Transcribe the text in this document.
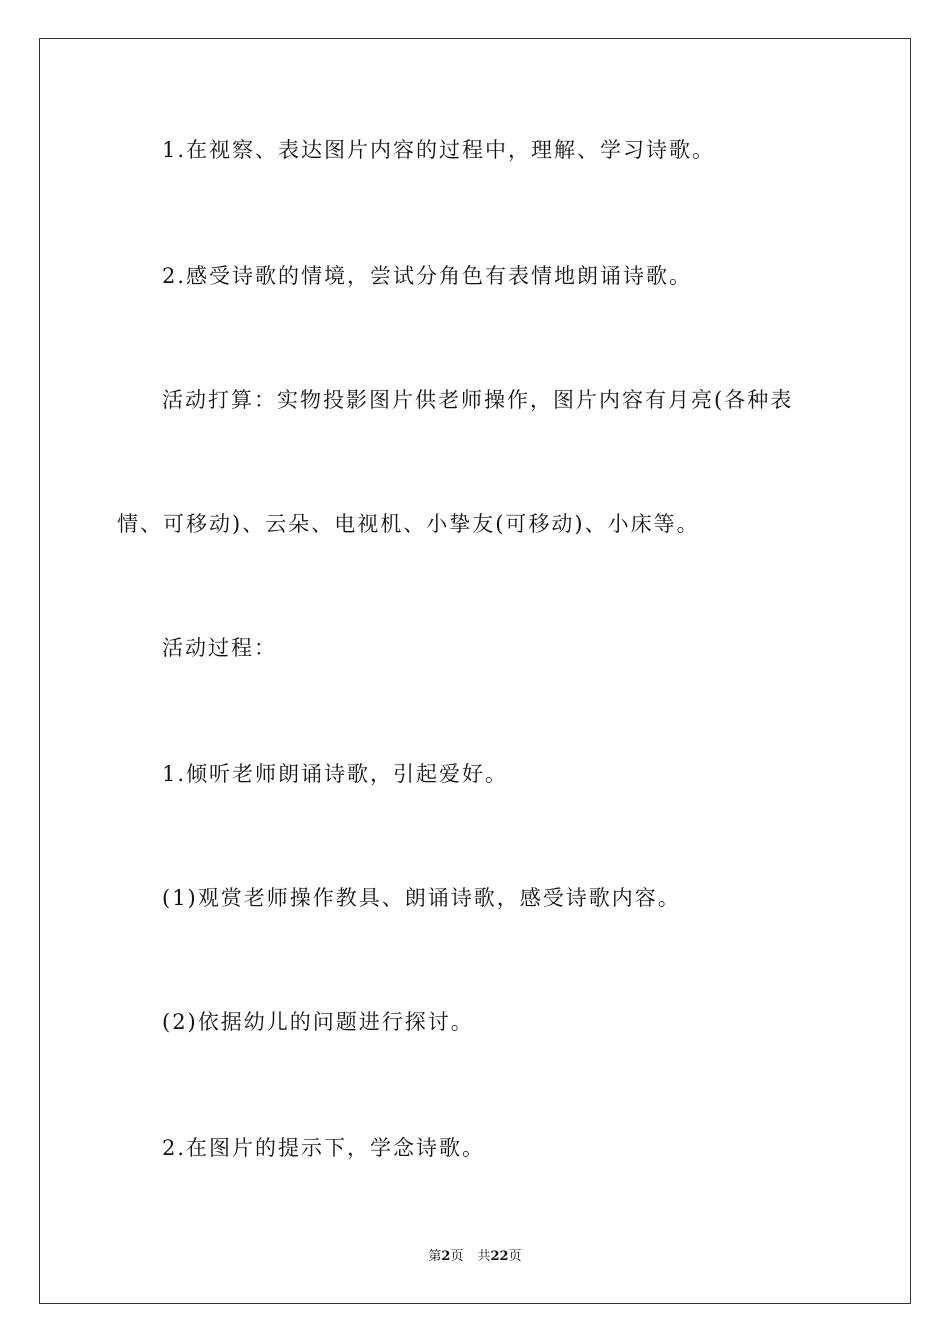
1.在视察、表达图片内容的过程中，理解、学习诗歌。

2.感受诗歌的情境，尝试分角色有表情地朗诵诗歌。

活动打算：实物投影图片供老师操作，图片内容有月亮(各种表

情、可移动)、云朵、电视机、小挚友(可移动)、小床等。

活动过程：

1.倾听老师朗诵诗歌，引起爱好。

(1)观赏老师操作教具、朗诵诗歌，感受诗歌内容。

(2)依据幼儿的问题进行探讨。

2.在图片的提示下，学念诗歌。

第2页 共22页
